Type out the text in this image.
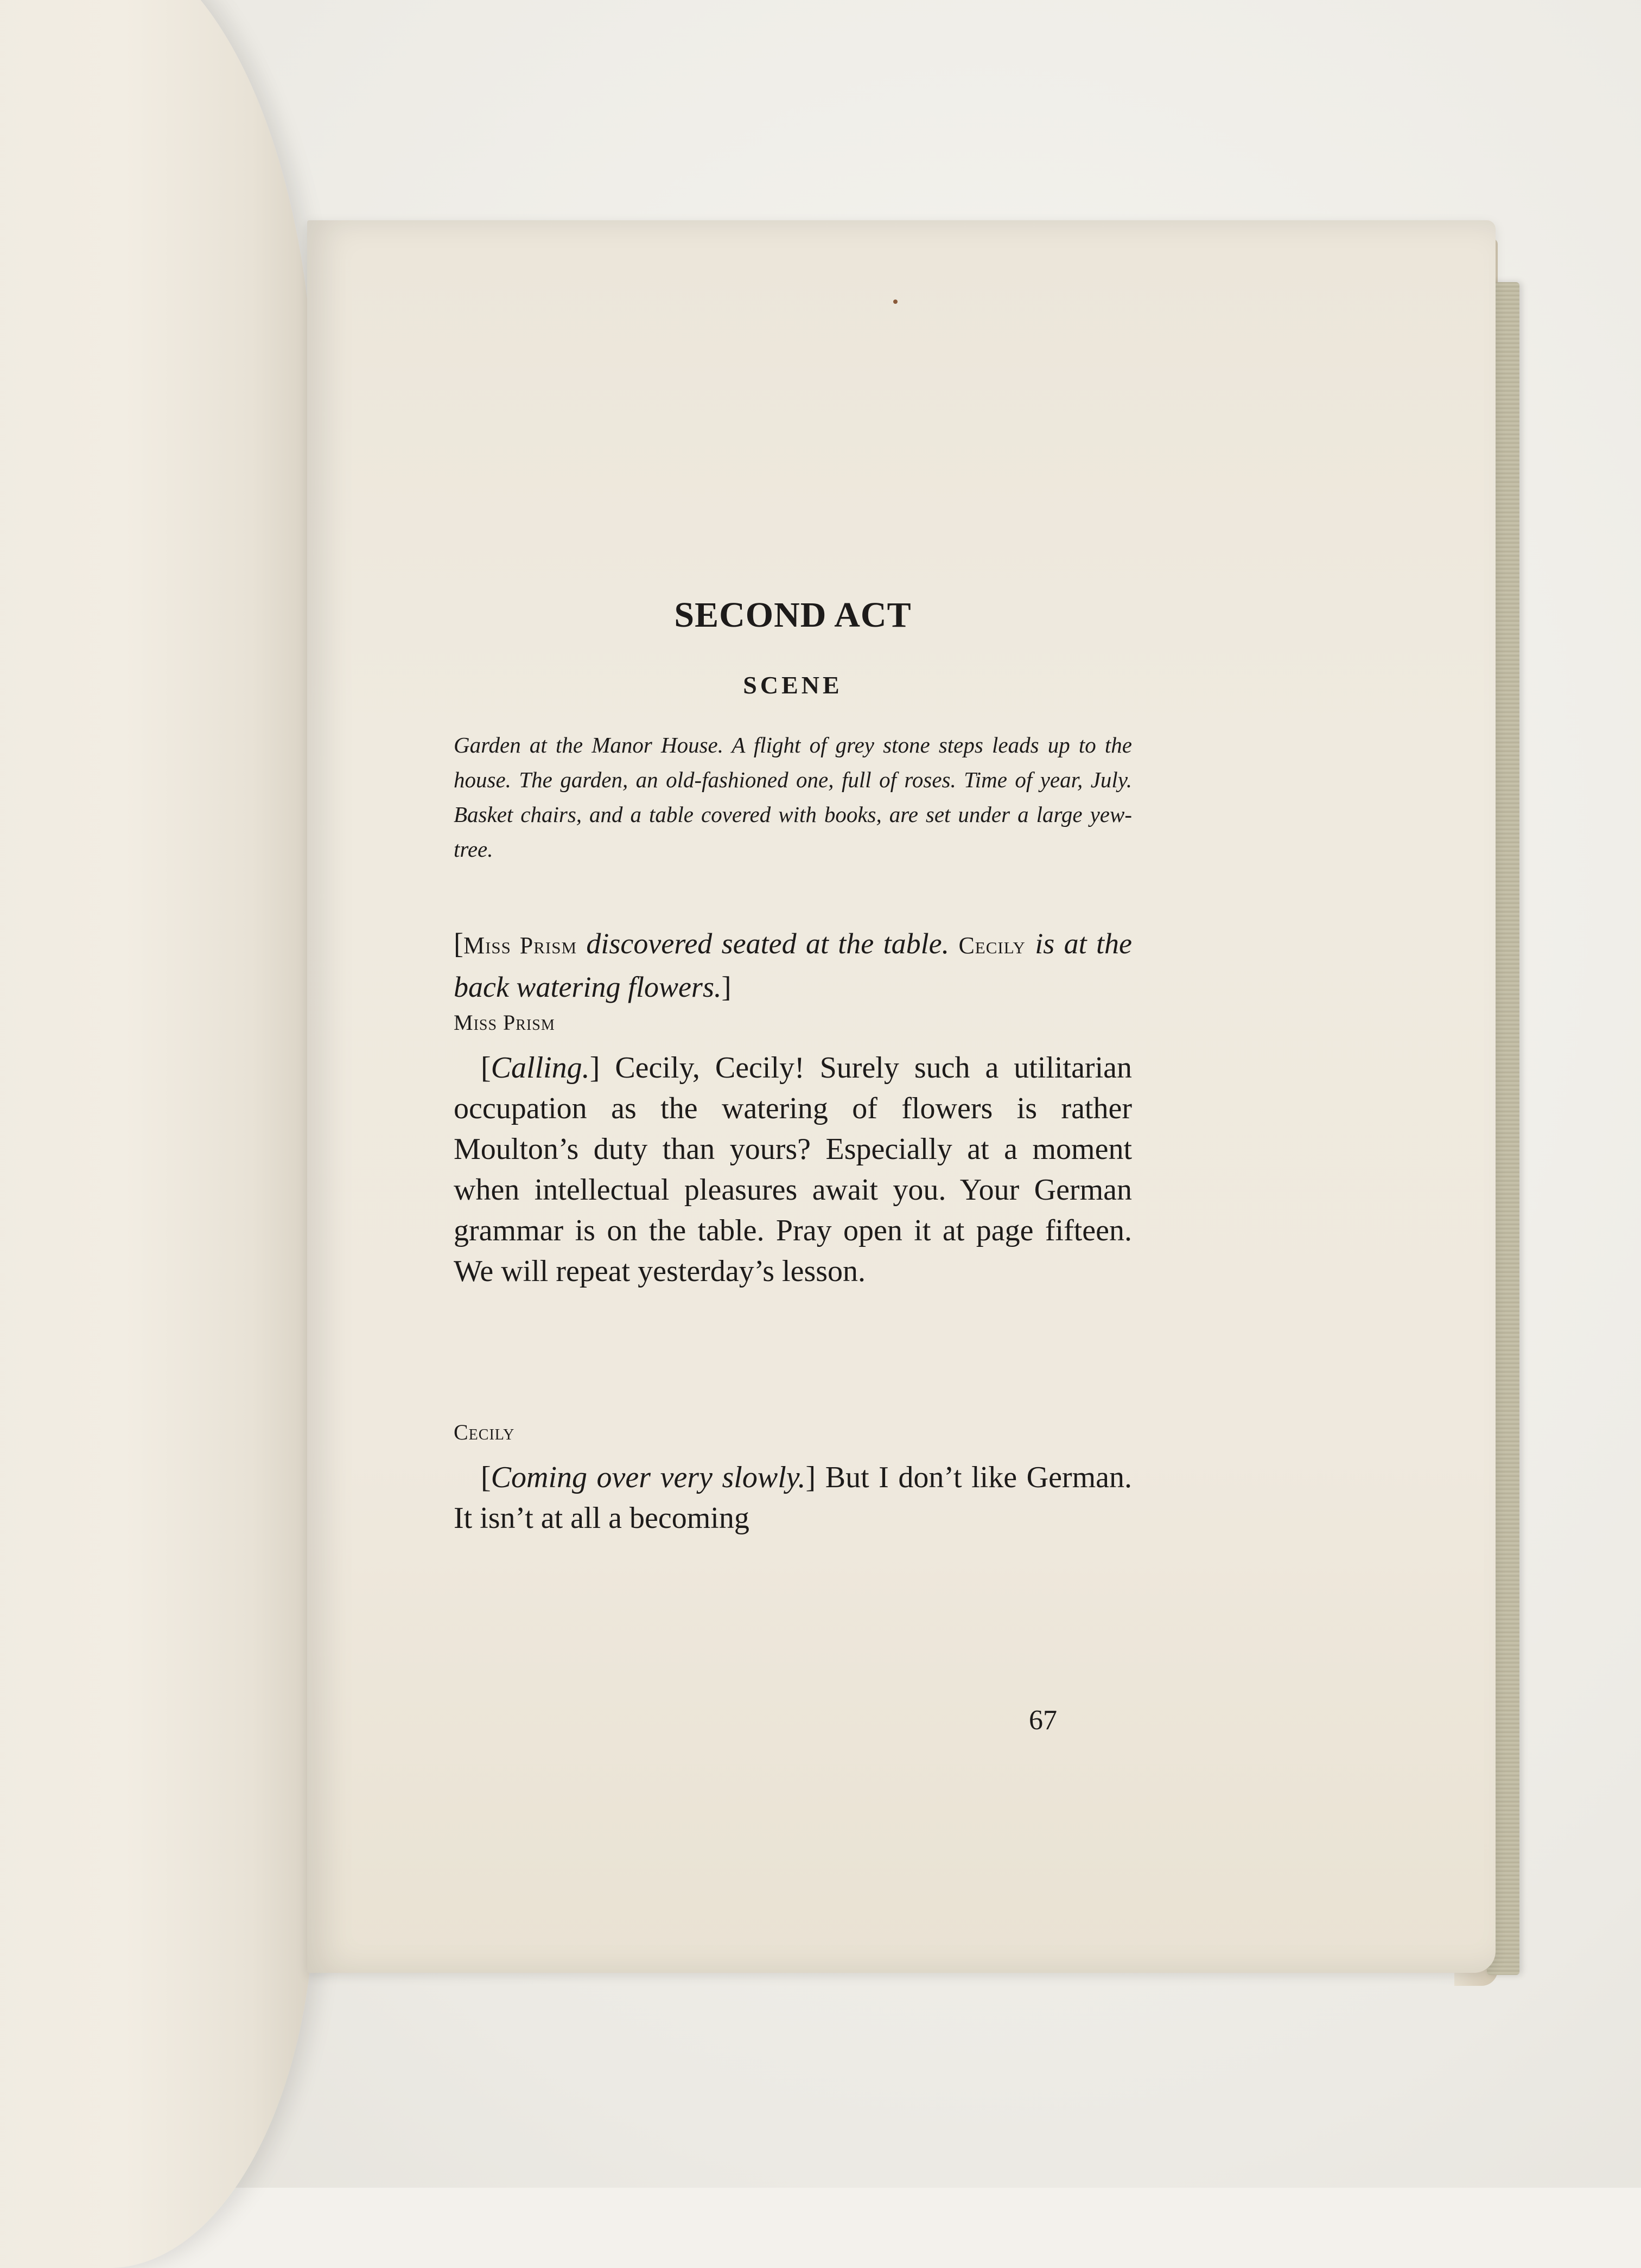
SECOND ACT
SCENE
Garden at the Manor House. A flight of grey stone steps leads up to the house. The garden, an old-fashioned one, full of roses. Time of year, July. Basket chairs, and a table covered with books, are set under a large yew-tree.
[Miss Prism discovered seated at the table. Cecily is at the back watering flowers.]
Miss Prism
[Calling.] Cecily, Cecily! Surely such a utilitarian occupation as the watering of flowers is rather Moulton’s duty than yours? Especially at a moment when intellectual pleasures await you. Your German grammar is on the table. Pray open it at page fifteen. We will repeat yesterday’s lesson.
Cecily
[Coming over very slowly.] But I don’t like German. It isn’t at all a becoming
67
